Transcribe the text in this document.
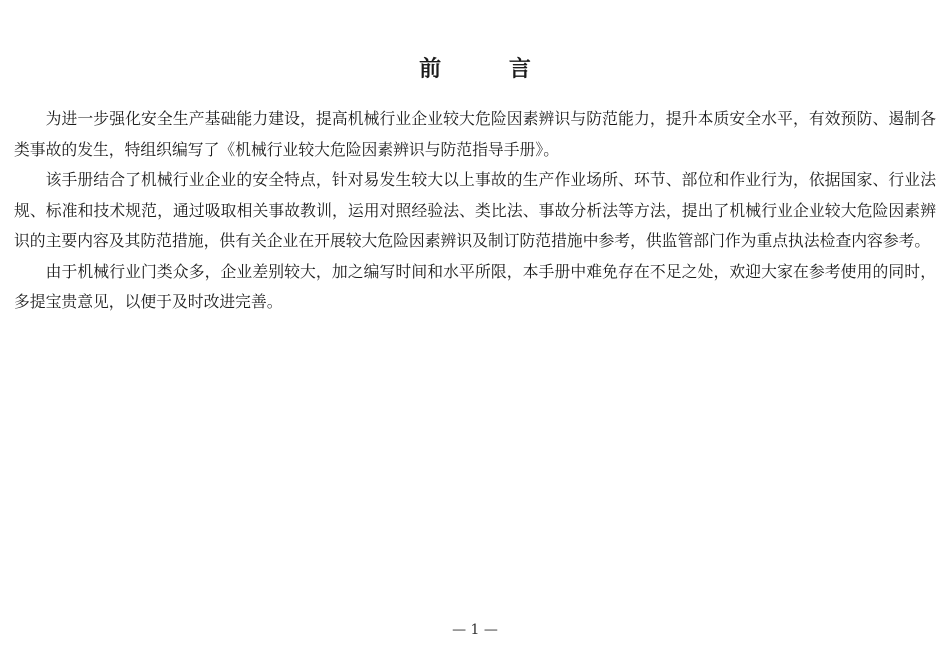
前 言

为进一步强化安全生产基础能力建设，提高机械行业企业较大危险因素辨识与防范能力，提升本质安全水平，有效预防、遏制各类事故的发生，特组织编写了《机械行业较大危险因素辨识与防范指导手册》。

该手册结合了机械行业企业的安全特点，针对易发生较大以上事故的生产作业场所、环节、部位和作业行为，依据国家、行业法规、标准和技术规范，通过吸取相关事故教训，运用对照经验法、类比法、事故分析法等方法，提出了机械行业企业较大危险因素辨识的主要内容及其防范措施，供有关企业在开展较大危险因素辨识及制订防范措施中参考，供监管部门作为重点执法检查内容参考。

由于机械行业门类众多，企业差别较大，加之编写时间和水平所限，本手册中难免存在不足之处，欢迎大家在参考使用的同时，多提宝贵意见，以便于及时改进完善。

— 1 —
